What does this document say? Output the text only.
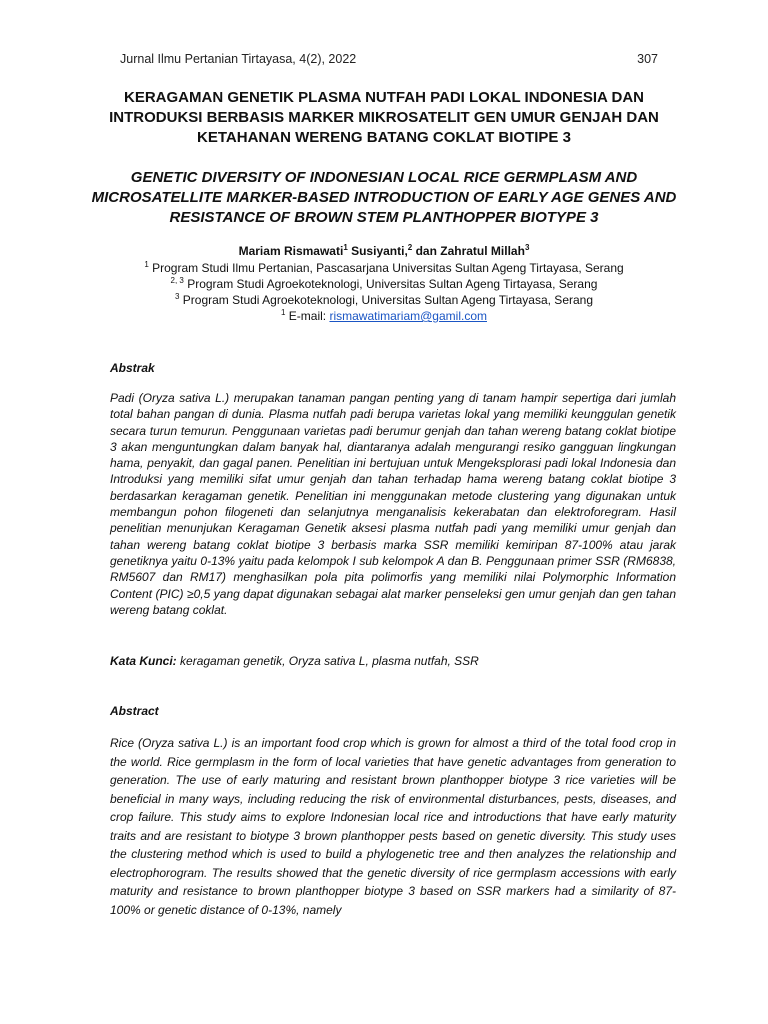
Jurnal Ilmu Pertanian Tirtayasa, 4(2), 2022	307
KERAGAMAN GENETIK PLASMA NUTFAH PADI LOKAL INDONESIA DAN INTRODUKSI BERBASIS MARKER MIKROSATELIT GEN UMUR GENJAH DAN KETAHANAN WERENG BATANG COKLAT BIOTIPE 3
GENETIC DIVERSITY OF INDONESIAN LOCAL RICE GERMPLASM AND MICROSATELLITE MARKER-BASED INTRODUCTION OF EARLY AGE GENES AND RESISTANCE OF BROWN STEM PLANTHOPPER BIOTYPE 3
Mariam Rismawati$^1$ Susiyanti,$^2$ dan Zahratul Millah$^3$
$^1$ Program Studi Ilmu Pertanian, Pascasarjana Universitas Sultan Ageng Tirtayasa, Serang
$^{2, 3}$ Program Studi Agroekoteknologi, Universitas Sultan Ageng Tirtayasa, Serang
$^3$ Program Studi Agroekoteknologi, Universitas Sultan Ageng Tirtayasa, Serang
$^1$ E-mail: rismawatimariam@gamil.com
Abstrak
Padi (Oryza sativa L.) merupakan tanaman pangan penting yang di tanam hampir sepertiga dari jumlah total bahan pangan di dunia. Plasma nutfah padi berupa varietas lokal yang memiliki keunggulan genetik secara turun temurun. Penggunaan varietas padi berumur genjah dan tahan wereng batang coklat biotipe 3 akan menguntungkan dalam banyak hal, diantaranya adalah mengurangi resiko gangguan lingkungan hama, penyakit, dan gagal panen. Penelitian ini bertujuan untuk Mengeksplorasi padi lokal Indonesia dan Introduksi yang memiliki sifat umur genjah dan tahan terhadap hama wereng batang coklat biotipe 3 berdasarkan keragaman genetik. Penelitian ini menggunakan metode clustering yang digunakan untuk membangun pohon filogeneti dan selanjutnya menganalisis kekerabatan dan elektroforegram. Hasil penelitian menunjukan Keragaman Genetik aksesi plasma nutfah padi yang memiliki umur genjah dan tahan wereng batang coklat biotipe 3 berbasis marka SSR memiliki kemiripan 87-100% atau jarak genetiknya yaitu 0-13% yaitu pada kelompok I sub kelompok A dan B. Penggunaan primer SSR (RM6838, RM5607 dan RM17) menghasilkan pola pita polimorfis yang memiliki nilai Polymorphic Information Content (PIC) ≥0,5 yang dapat digunakan sebagai alat marker penseleksi gen umur genjah dan gen tahan wereng batang coklat.
Kata Kunci: keragaman genetik, Oryza sativa L, plasma nutfah, SSR
Abstract
Rice (Oryza sativa L.) is an important food crop which is grown for almost a third of the total food crop in the world. Rice germplasm in the form of local varieties that have genetic advantages from generation to generation. The use of early maturing and resistant brown planthopper biotype 3 rice varieties will be beneficial in many ways, including reducing the risk of environmental disturbances, pests, diseases, and crop failure. This study aims to explore Indonesian local rice and introductions that have early maturity traits and are resistant to biotype 3 brown planthopper pests based on genetic diversity. This study uses the clustering method which is used to build a phylogenetic tree and then analyzes the relationship and electrophorogram. The results showed that the genetic diversity of rice germplasm accessions with early maturity and resistance to brown planthopper biotype 3 based on SSR markers had a similarity of 87-100% or genetic distance of 0-13%, namely
